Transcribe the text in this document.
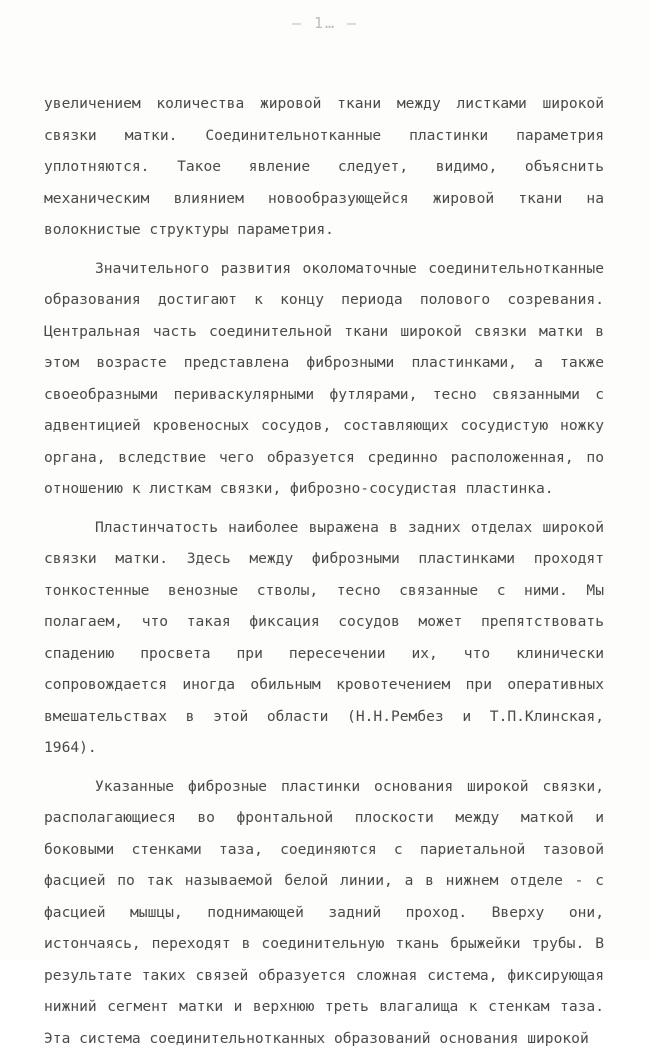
– 1… –

увеличением количества жировой ткани между листками широкой связки матки. Соединительнотканные пластинки параметрия уплотняются. Такое явление следует, видимо, объяснить механическим влиянием новообразующейся жировой ткани на волокнистые структуры параметрия.

Значительного развития околоматочные соединительнотканные образования достигают к концу периода полового созревания. Центральная часть соединительной ткани широкой связки матки в этом возрасте представлена фиброзными пластинками, а также своеобразными периваскулярными футлярами, тесно связанными с адвентицией кровеносных сосудов, составляющих сосудистую ножку органа, вследствие чего образуется срединно расположенная, по отношению к листкам связки, фиброзно-сосудистая пластинка.

Пластинчатость наиболее выражена в задних отделах широкой связки матки. Здесь между фиброзными пластинками проходят тонкостенные венозные стволы, тесно связанные с ними. Мы полагаем, что такая фиксация сосудов может препятствовать спадению просвета при пересечении их, что клинически сопровождается иногда обильным кровотечением при оперативных вмешательствах в этой области (Н.Н.Рембез и Т.П.Клинская, 1964).

Указанные фиброзные пластинки основания широкой связки, располагающиеся во фронтальной плоскости между маткой и боковыми стенками таза, соединяются с париетальной тазовой фасцией по так называемой белой линии, а в нижнем отделе - с фасцией мышцы, поднимающей задний проход. Вверху они, истончаясь, переходят в соединительную ткань брыжейки трубы. В результате таких связей образуется сложная система, фиксирующая нижний сегмент матки и верхнюю треть влагалища к стенкам таза. Эта система соединительнотканных образований основания широкой
